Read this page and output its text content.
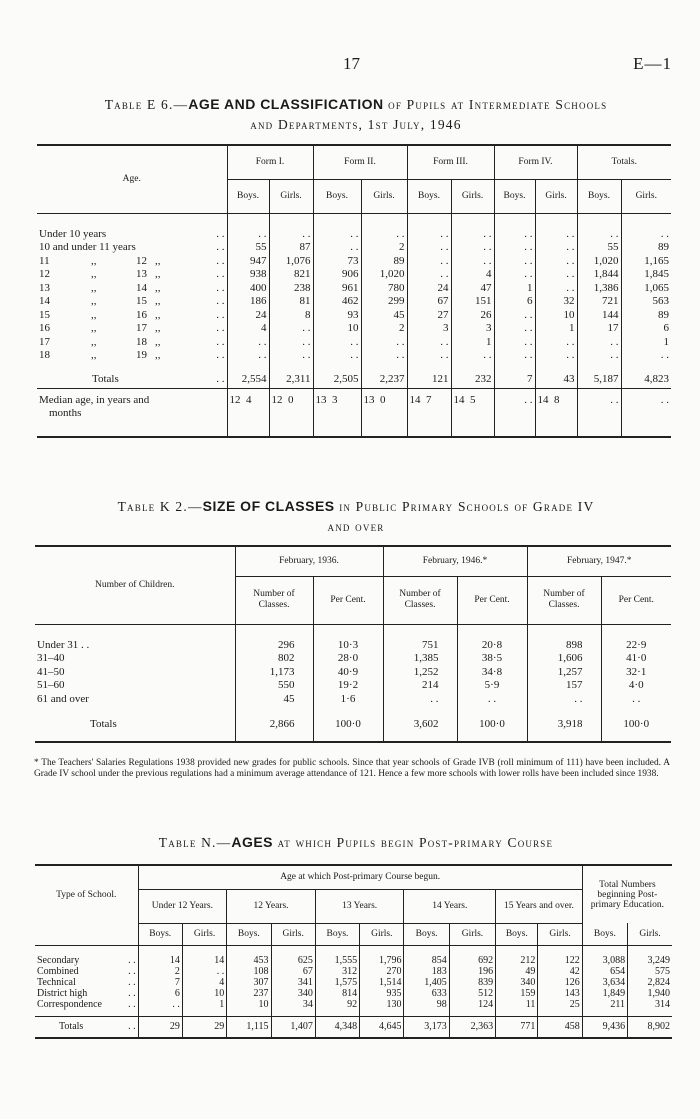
17	E—1
Table E 6.—AGE AND CLASSIFICATION of Pupils at Intermediate Schools
and Departments, 1st July, 1946
Age.	Form I.		Form II.		Form III.		Form IV.		Totals.	
	Boys.	Girls.	Boys.	Girls.	Boys.	Girls.	Boys.	Girls.	Boys.	Girls.

Under 10 years . .	. .	. .	. .	. .	. .	. .	. .	. .	. .	. .
10 and under 11 years . .	55	87	. .	2	. .	. .	. .	. .	55	89
11 ,, 12 ,, . .	947	1,076	73	89	. .	. .	. .	. .	1,020	1,165
12 ,, 13 ,, . .	938	821	906	1,020	. .	4	. .	. .	1,844	1,845
13 ,, 14 ,, . .	400	238	961	780	24	47	1	. .	1,386	1,065
14 ,, 15 ,, . .	186	81	462	299	67	151	6	32	721	563
15 ,, 16 ,, . .	24	8	93	45	27	26	. .	10	144	89
16 ,, 17 ,, . .	4	. .	10	2	3	3	. .	1	17	6
17 ,, 18 ,, . .	. .	. .	. .	. .	. .	1	. .	. .	. .	1
18 ,, 19 ,, . .	. .	. .	. .	. .	. .	. .	. .	. .	. .	. .

Totals . .	2,554	2,311	2,505	2,237	121	232	7	43	5,187	4,823

Median age, in years and
months	12  4	12  0	13  3	13  0	14  7	14  5	. .	14  8	. .	. .
Table K 2.—SIZE OF CLASSES in Public Primary Schools of Grade IV
and over
Number of Children.	February, 1936.		February, 1946.*		February, 1947.*	
	Number of Classes.	Per Cent.	Number of Classes.	Per Cent.	Number of Classes.	Per Cent.

Under 31 . .	296	10·3	751	20·8	898	22·9
31–40	802	28·0	1,385	38·5	1,606	41·0
41–50	1,173	40·9	1,252	34·8	1,257	32·1
51–60	550	19·2	214	5·9	157	4·0
61 and over	45	1·6	. .	. .	. .	. .

Totals	2,866	100·0	3,602	100·0	3,918	100·0
* The Teachers' Salaries Regulations 1938 provided new grades for public schools. Since that year schools of Grade IVB (roll minimum of 111) have been included. A Grade IV school under the previous regulations had a minimum average attendance of 121. Hence a few more schools with lower rolls have been included since 1938.
Table N.—AGES at which Pupils begin Post-primary Course
Type of School.	Age at which Post-primary Course begun.										Total Numbers beginning Post-primary Education.	
	Under 12 Years.		12 Years.		13 Years.		14 Years.		15 Years and over.			
	Boys.	Girls.	Boys.	Girls.	Boys.	Girls.	Boys.	Girls.	Boys.	Girls.	Boys.	Girls.

Secondary . .	14	14	453	625	1,555	1,796	854	692	212	122	3,088	3,249
Combined . .	2	. .	108	67	312	270	183	196	49	42	654	575
Technical . .	7	4	307	341	1,575	1,514	1,405	839	340	126	3,634	2,824
District high . .	6	10	237	340	814	935	633	512	159	143	1,849	1,940
Correspondence . .	. .	1	10	34	92	130	98	124	11	25	211	314

Totals . .	29	29	1,115	1,407	4,348	4,645	3,173	2,363	771	458	9,436	8,902
